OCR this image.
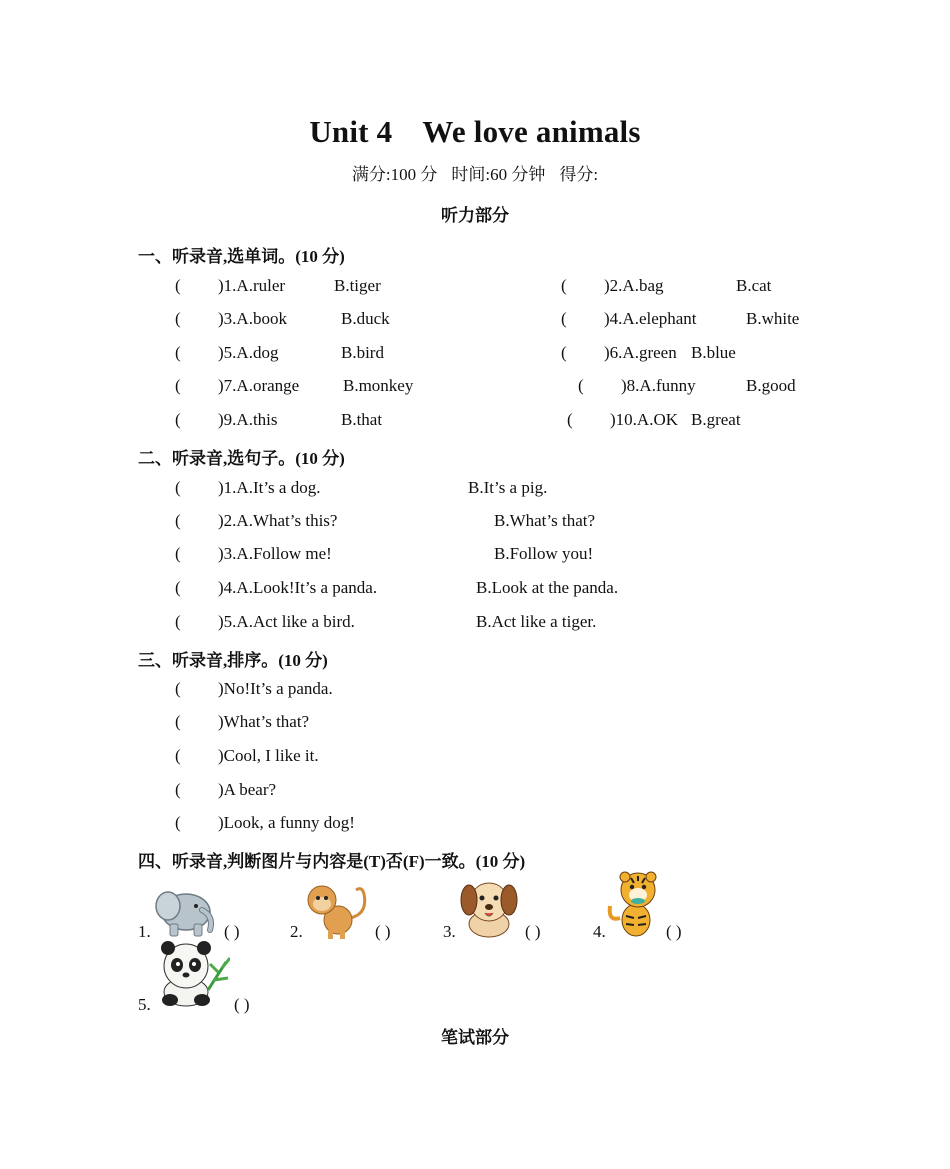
Unit 4 We love animals
满分:100 分 时间:60 分钟 得分:
听力部分
一、听录音,选单词。(10 分)
(	)1.A.ruler	B.tiger	( )2.A.bag	B.cat
( )3.A.book	B.duck	( )4.A.elephant	B.white
( )5.A.dog	B.bird	( )6.A.green B.blue
( )7.A.orange	B.monkey	( )8.A.funny	B.good
( )9.A.this	B.that	( )10.A.OK B.great
二、听录音,选句子。(10 分)
( )1.A.It’s a dog.	B.It’s a pig.
( )2.A.What’s this?	B.What’s that?
( )3.A.Follow me!	B.Follow you!
( )4.A.Look!It’s a panda.	B.Look at the panda.
( )5.A.Act like a bird.	B.Act like a tiger.
三、听录音,排序。(10 分)
( )No!It’s a panda.
( )What’s that?
( )Cool, I like it.
( )A bear?
( )Look, a funny dog!
四、听录音,判断图片与内容是(T)否(F)一致。(10 分)
1.	( )	2.	( )	3.	( )	4.	( )
5.	( )
笔试部分
